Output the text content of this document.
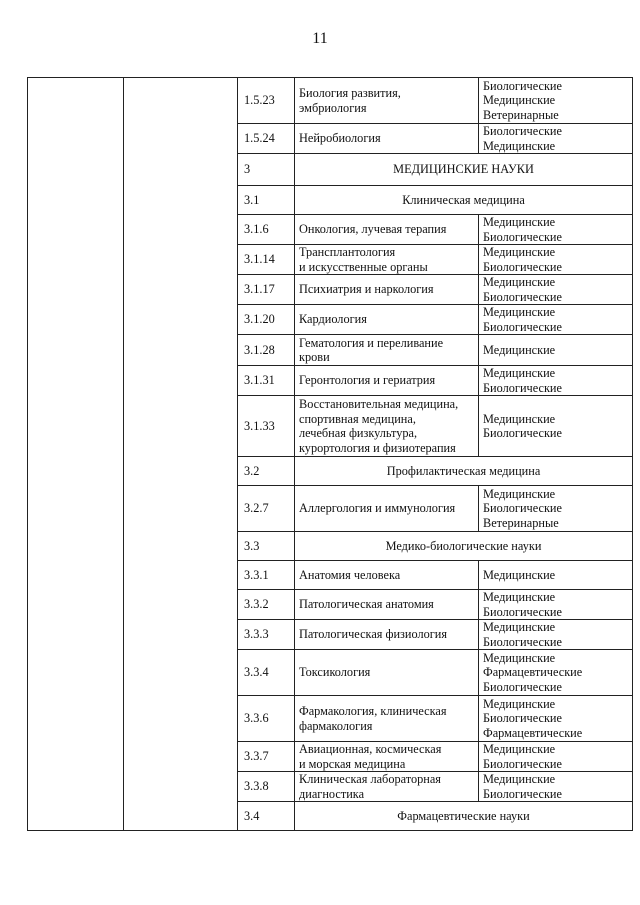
11
		1.5.23	Биология развития,
эмбриология	Биологические
Медицинские
Ветеринарные
		1.5.24	Нейробиология	Биологические
Медицинские
		3	МЕДИЦИНСКИЕ НАУКИ	
		3.1	Клиническая медицина	
		3.1.6	Онкология, лучевая терапия	Медицинские
Биологические
		3.1.14	Трансплантология
и искусственные органы	Медицинские
Биологические
		3.1.17	Психиатрия и наркология	Медицинские
Биологические
		3.1.20	Кардиология	Медицинские
Биологические
		3.1.28	Гематология и переливание
крови	Медицинские
		3.1.31	Геронтология и гериатрия	Медицинские
Биологические
		3.1.33	Восстановительная медицина,
спортивная медицина,
лечебная физкультура,
курортология и физиотерапия	Медицинские
Биологические
		3.2	Профилактическая медицина	
		3.2.7	Аллергология и иммунология	Медицинские
Биологические
Ветеринарные
		3.3	Медико-биологические науки	
		3.3.1	Анатомия человека	Медицинские
		3.3.2	Патологическая анатомия	Медицинские
Биологические
		3.3.3	Патологическая физиология	Медицинские
Биологические
		3.3.4	Токсикология	Медицинские
Фармацевтические
Биологические
		3.3.6	Фармакология, клиническая
фармакология	Медицинские
Биологические
Фармацевтические
		3.3.7	Авиационная, космическая
и морская медицина	Медицинские
Биологические
		3.3.8	Клиническая лабораторная
диагностика	Медицинские
Биологические
		3.4	Фармацевтические науки	
